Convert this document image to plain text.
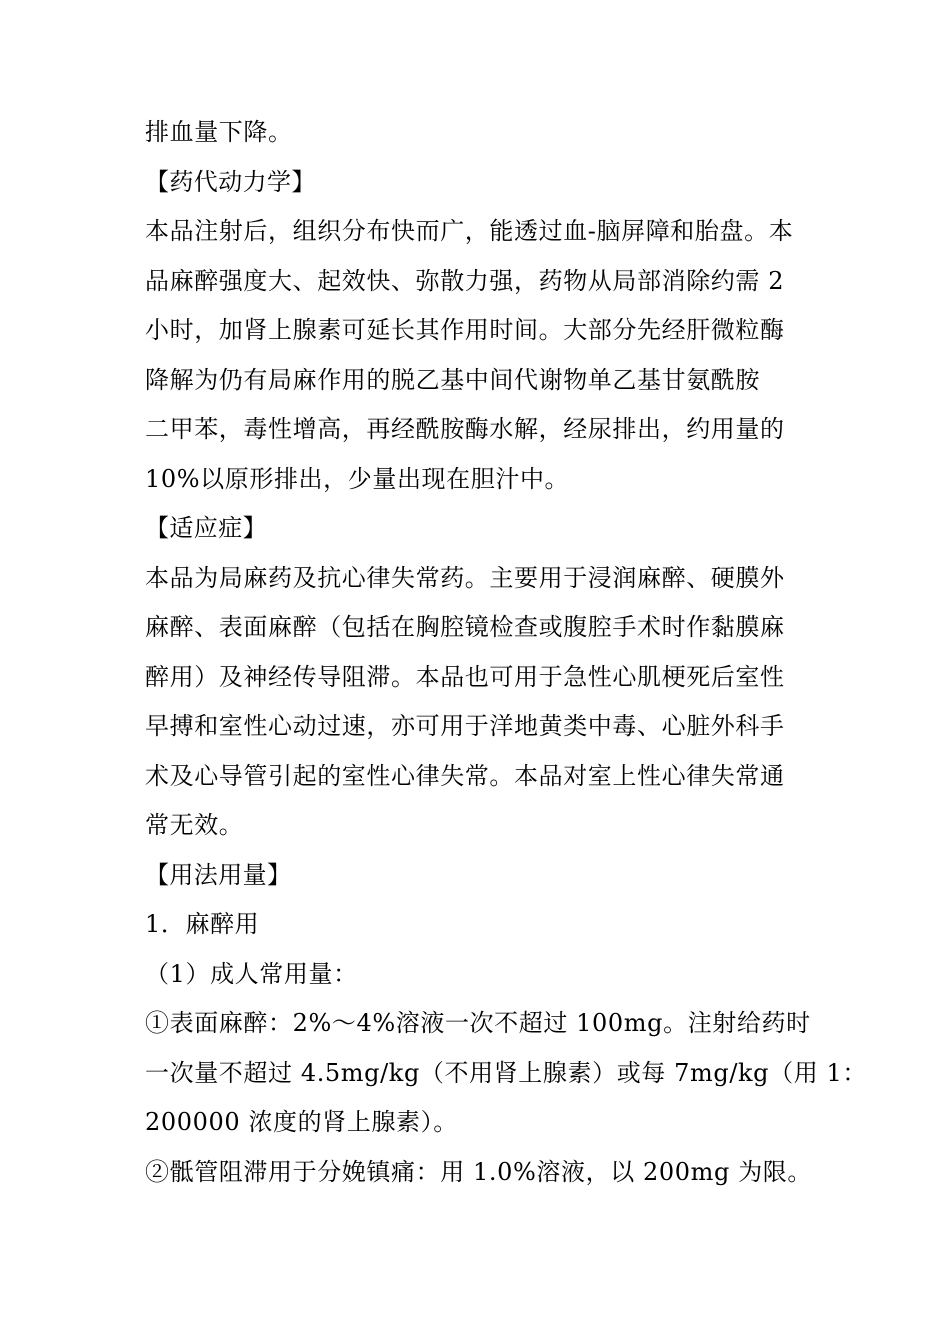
排血量下降。
【药代动力学】
本品注射后，组织分布快而广，能透过血-脑屏障和胎盘。本
品麻醉强度大、起效快、弥散力强，药物从局部消除约需 2
小时，加肾上腺素可延长其作用时间。大部分先经肝微粒酶
降解为仍有局麻作用的脱乙基中间代谢物单乙基甘氨酰胺
二甲苯，毒性增高，再经酰胺酶水解，经尿排出，约用量的
10%以原形排出，少量出现在胆汁中。
【适应症】
本品为局麻药及抗心律失常药。主要用于浸润麻醉、硬膜外
麻醉、表面麻醉（包括在胸腔镜检查或腹腔手术时作黏膜麻
醉用）及神经传导阻滞。本品也可用于急性心肌梗死后室性
早搏和室性心动过速，亦可用于洋地黄类中毒、心脏外科手
术及心导管引起的室性心律失常。本品对室上性心律失常通
常无效。
【用法用量】
1．麻醉用
（1）成人常用量：
①表面麻醉：2%～4%溶液一次不超过 100mg。注射给药时
一次量不超过 4.5mg/kg（不用肾上腺素）或每 7mg/kg（用 1：
200000 浓度的肾上腺素）。
②骶管阻滞用于分娩镇痛：用 1.0%溶液，以 200mg 为限。
